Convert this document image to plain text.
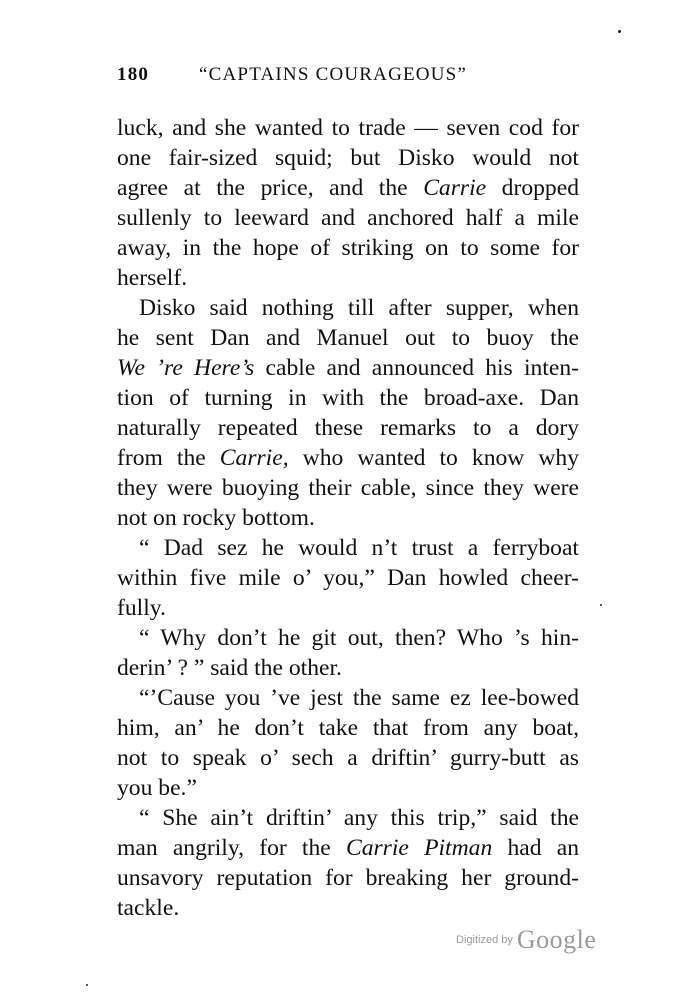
180	“CAPTAINS COURAGEOUS”
luck, and she wanted to trade — seven cod for
one fair-sized squid; but Disko would not
agree at the price, and the Carrie dropped
sullenly to leeward and anchored half a mile
away, in the hope of striking on to some for
herself.
Disko said nothing till after supper, when
he sent Dan and Manuel out to buoy the
We ’re Here’s cable and announced his inten-
tion of turning in with the broad-axe. Dan
naturally repeated these remarks to a dory
from the Carrie, who wanted to know why
they were buoying their cable, since they were
not on rocky bottom.
“ Dad sez he would n’t trust a ferryboat
within five mile o’ you,” Dan howled cheer-
fully.
“ Why don’t he git out, then? Who ’s hin-
derin’ ? ” said the other.
“’Cause you ’ve jest the same ez lee-bowed
him, an’ he don’t take that from any boat,
not to speak o’ sech a driftin’ gurry-butt as
you be.”
“ She ain’t driftin’ any this trip,” said the
man angrily, for the Carrie Pitman had an
unsavory reputation for breaking her ground-
tackle.
Digitized by Google
